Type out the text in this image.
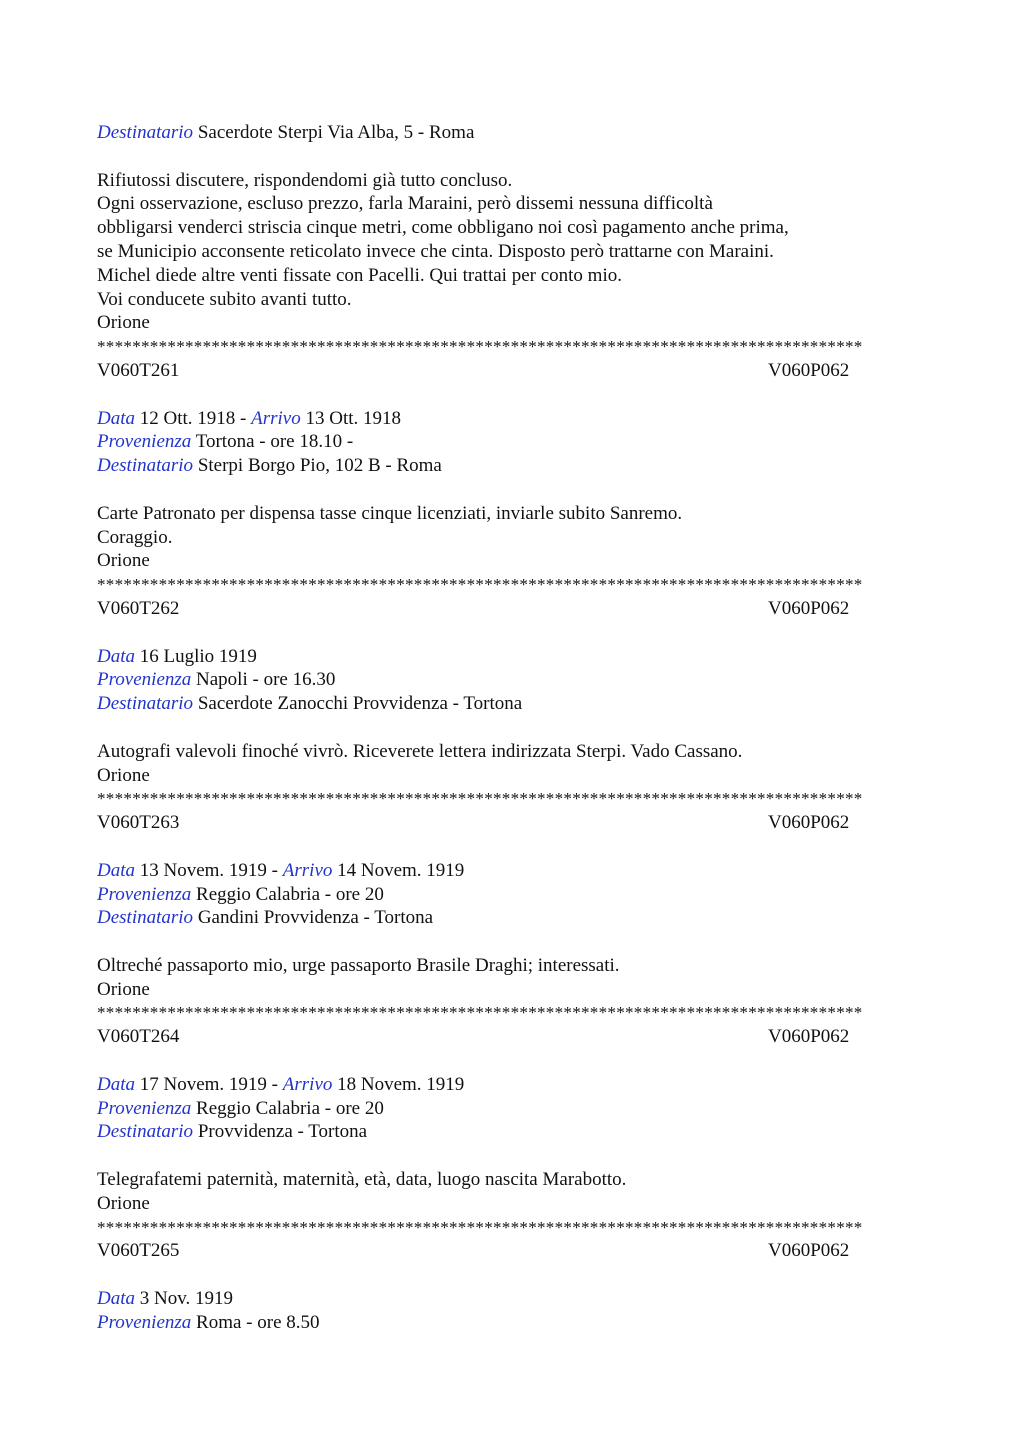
Destinatario Sacerdote Sterpi Via Alba, 5 - Roma
Rifiutossi discutere, rispondendomi già tutto concluso.
Ogni osservazione, escluso prezzo, farla Maraini, però dissemi nessuna difficoltà
obbligarsi venderci striscia cinque metri, come obbligano noi così pagamento anche prima,
se Municipio acconsente reticolato invece che cinta. Disposto però trattarne con Maraini.
Michel diede altre venti fissate con Pacelli. Qui trattai per conto mio.
Voi conducete subito avanti tutto.
Orione
***************************************************************************************
V060T261	V060P062
Data 12 Ott. 1918 - Arrivo 13 Ott. 1918
Provenienza Tortona - ore 18.10 -
Destinatario Sterpi Borgo Pio, 102 B - Roma
Carte Patronato per dispensa tasse cinque licenziati, inviarle subito Sanremo.
Coraggio.
Orione
***************************************************************************************
V060T262	V060P062
Data 16 Luglio 1919
Provenienza Napoli - ore 16.30
Destinatario Sacerdote Zanocchi Provvidenza - Tortona
Autografi valevoli finoché vivrò. Riceverete lettera indirizzata Sterpi. Vado Cassano.
Orione
***************************************************************************************
V060T263	V060P062
Data 13 Novem. 1919 - Arrivo 14 Novem. 1919
Provenienza Reggio Calabria - ore 20
Destinatario Gandini Provvidenza - Tortona
Oltreché passaporto mio, urge passaporto Brasile Draghi; interessati.
Orione
***************************************************************************************
V060T264	V060P062
Data 17 Novem. 1919 - Arrivo 18 Novem. 1919
Provenienza Reggio Calabria - ore 20
Destinatario Provvidenza - Tortona
Telegrafatemi paternità, maternità, età, data, luogo nascita Marabotto.
Orione
***************************************************************************************
V060T265	V060P062
Data 3 Nov. 1919
Provenienza Roma - ore 8.50
